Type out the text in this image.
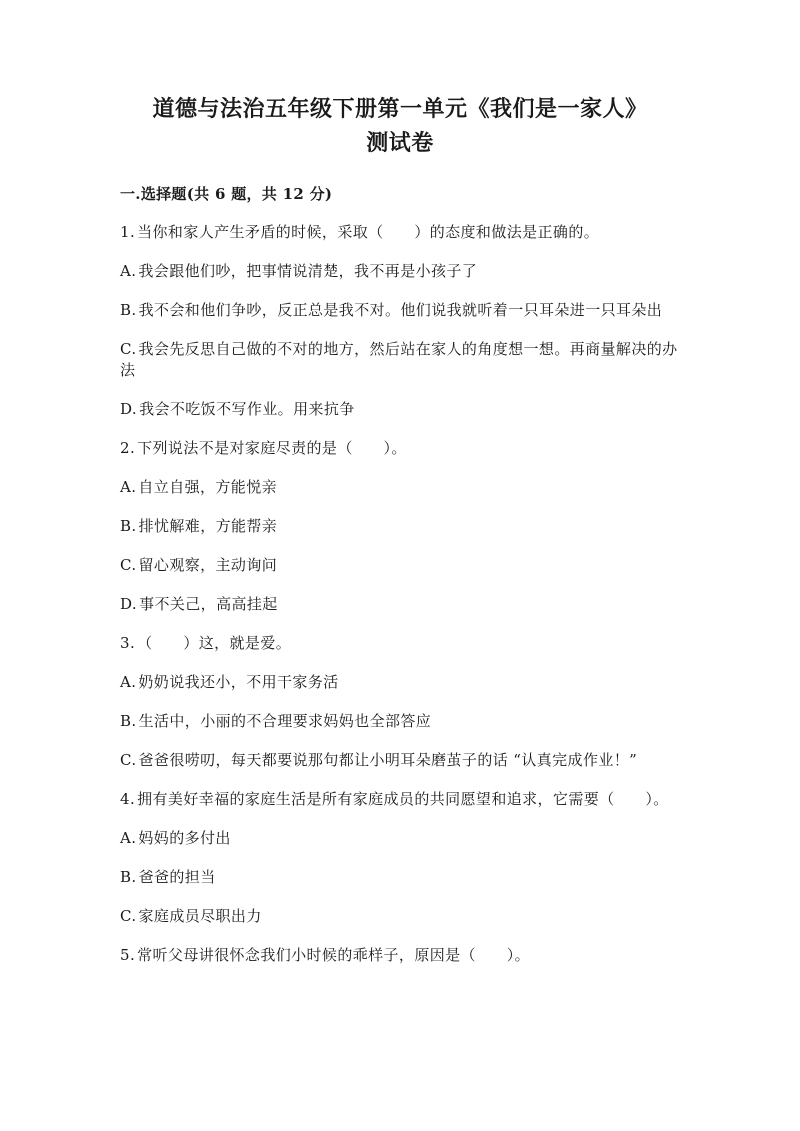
道德与法治五年级下册第一单元《我们是一家人》
测试卷
一.选择题(共 6 题，共 12 分)
1. 当你和家人产生矛盾的时候，采取（　　）的态度和做法是正确的。
A. 我会跟他们吵，把事情说清楚，我不再是小孩子了
B. 我不会和他们争吵，反正总是我不对。他们说我就听着一只耳朵进一只耳朵出
C. 我会先反思自己做的不对的地方，然后站在家人的角度想一想。再商量解决的办法
D. 我会不吃饭不写作业。用来抗争
2. 下列说法不是对家庭尽责的是（　　）。
A. 自立自强，方能悦亲
B. 排忧解难，方能帮亲
C. 留心观察，主动询问
D. 事不关己，高高挂起
3. （　　）这，就是爱。
A. 奶奶说我还小，不用干家务活
B. 生活中，小丽的不合理要求妈妈也全部答应
C. 爸爸很唠叨，每天都要说那句都让小明耳朵磨茧子的话 “认真完成作业！”
4. 拥有美好幸福的家庭生活是所有家庭成员的共同愿望和追求，它需要（　　）。
A. 妈妈的多付出
B. 爸爸的担当
C. 家庭成员尽职出力
5. 常听父母讲很怀念我们小时候的乖样子，原因是（　　）。
